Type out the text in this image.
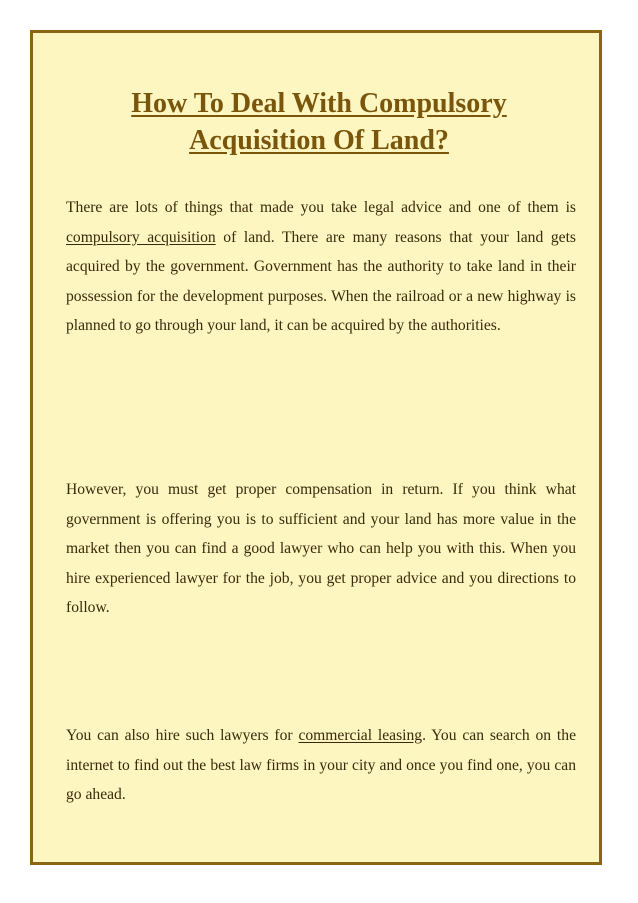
How To Deal With Compulsory
Acquisition Of Land?

There are lots of things that made you take legal advice and one of them is compulsory acquisition of land. There are many reasons that your land gets acquired by the government. Government has the authority to take land in their possession for the development purposes. When the railroad or a new highway is planned to go through your land, it can be acquired by the authorities.

However, you must get proper compensation in return. If you think what government is offering you is to sufficient and your land has more value in the market then you can find a good lawyer who can help you with this. When you hire experienced lawyer for the job, you get proper advice and you directions to follow.

You can also hire such lawyers for commercial leasing. You can search on the internet to find out the best law firms in your city and once you find one, you can go ahead.
